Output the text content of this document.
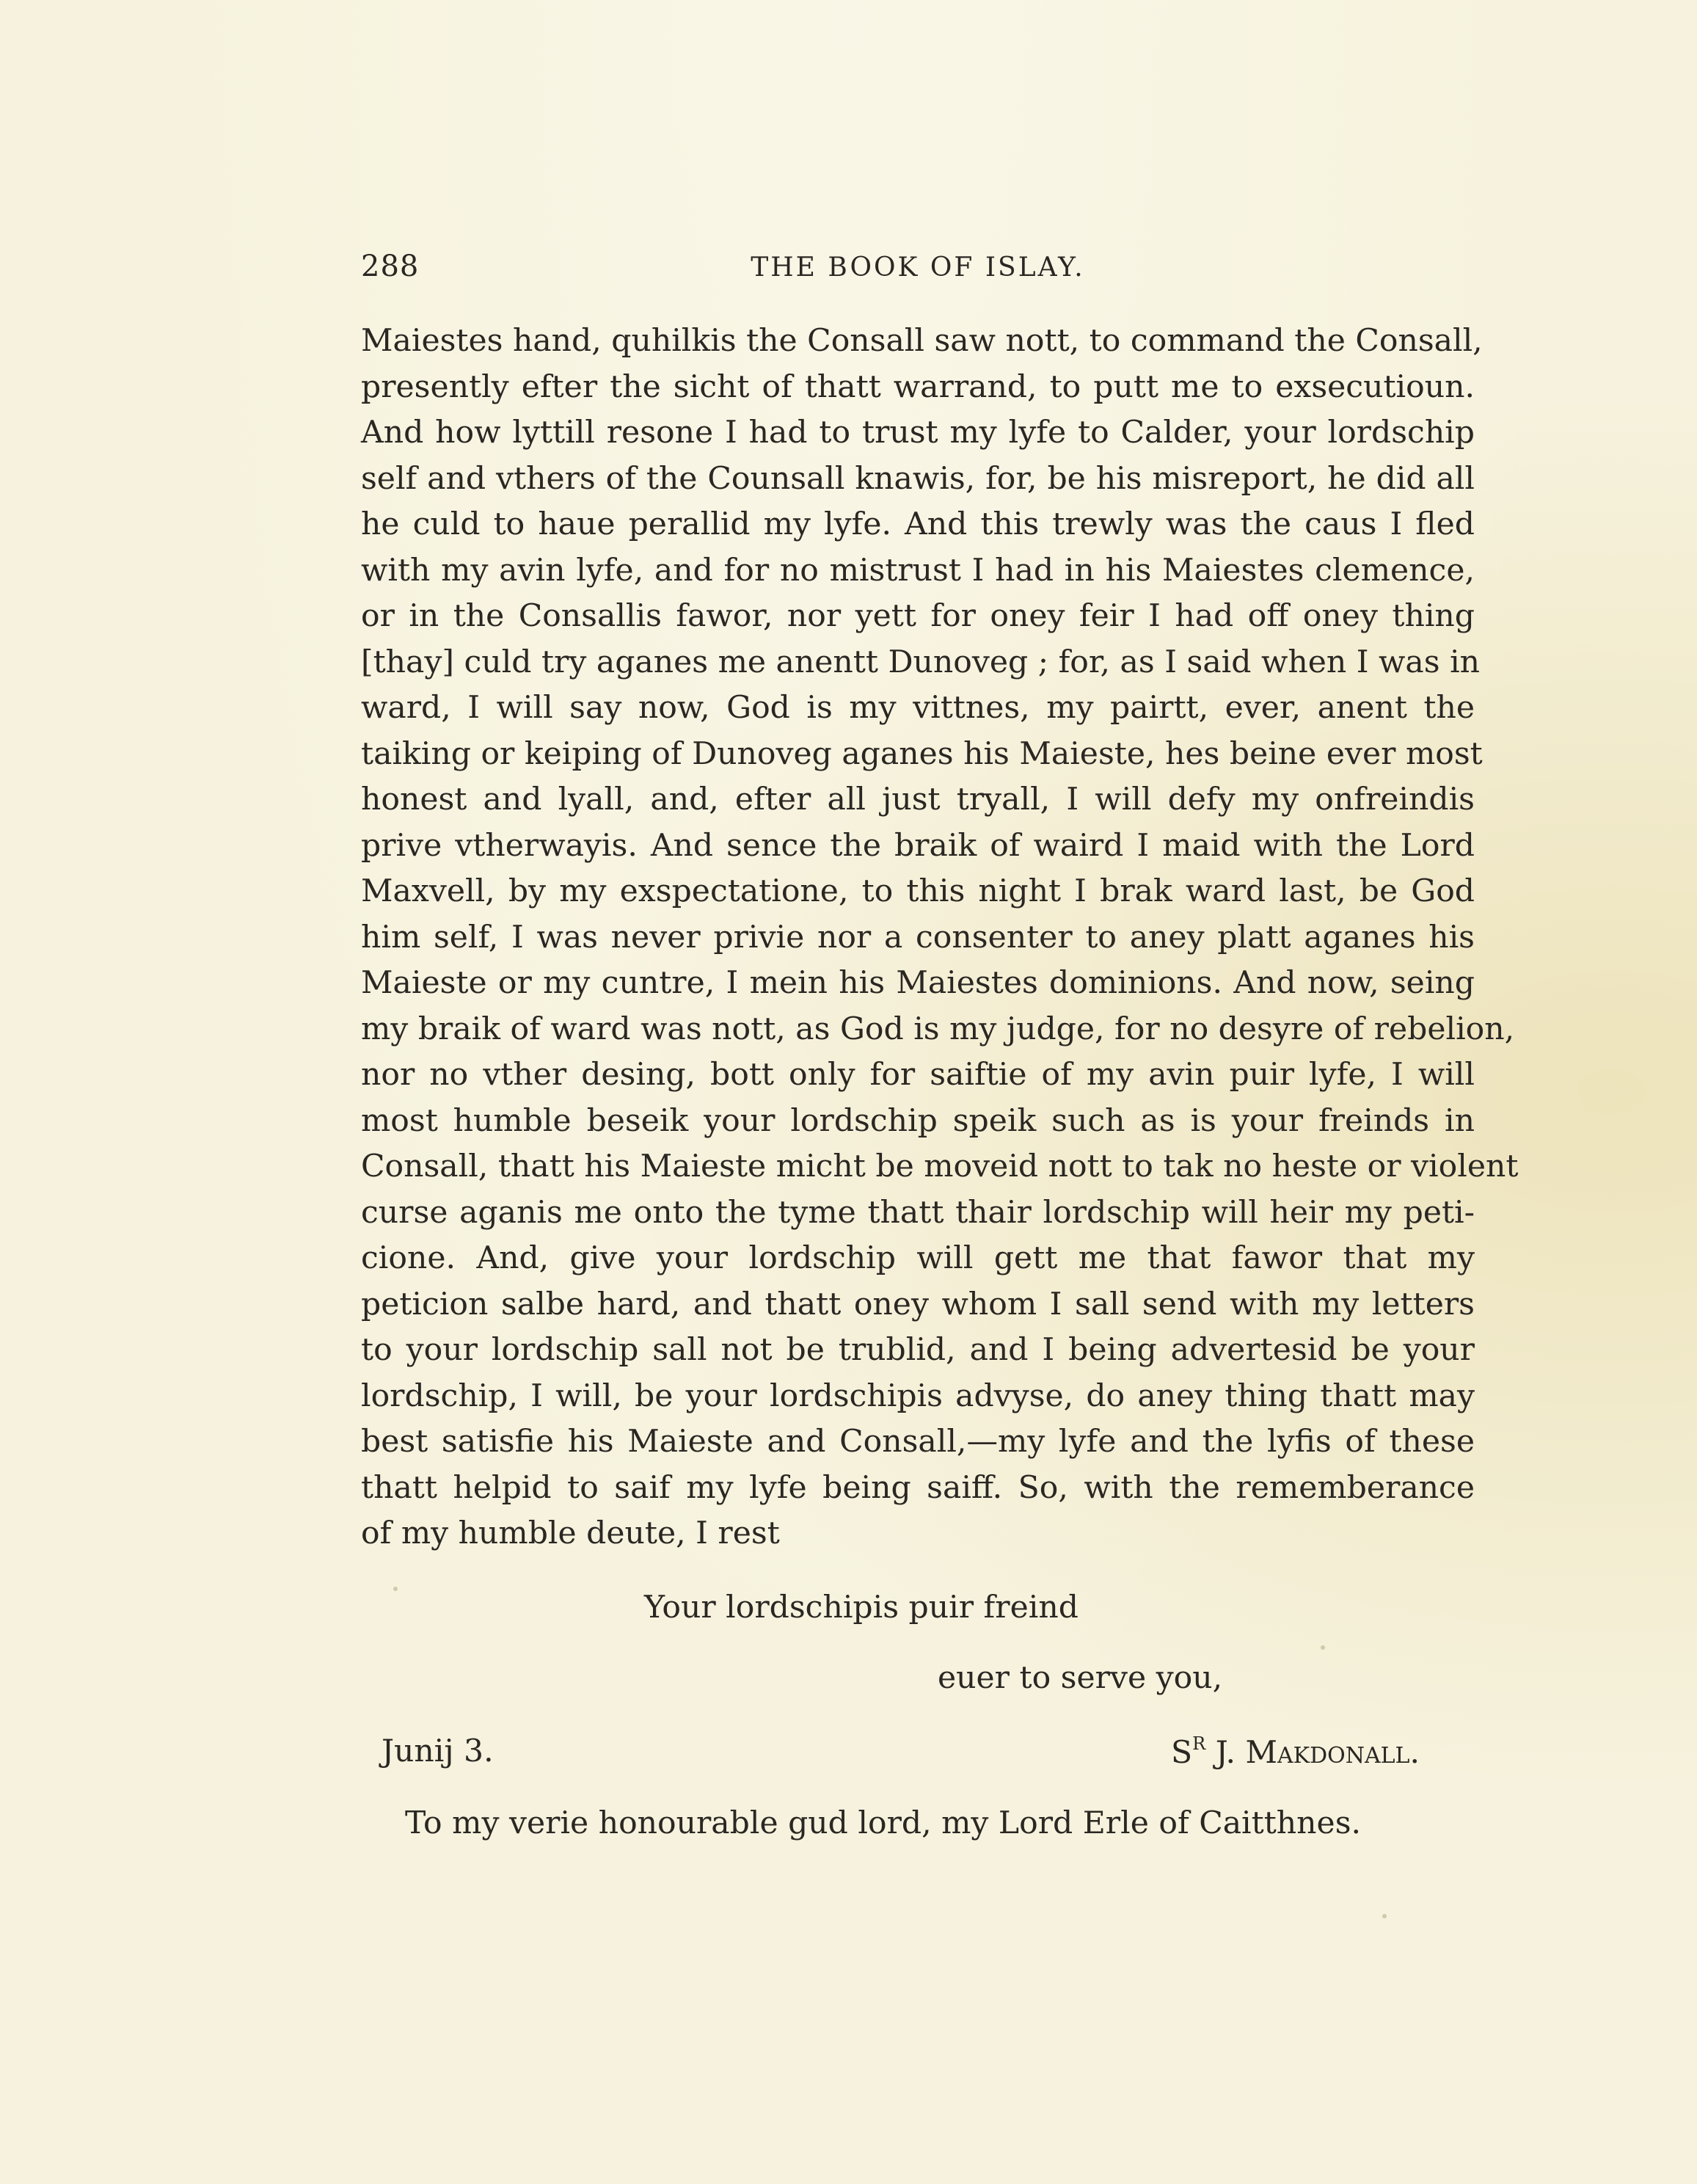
288	THE BOOK OF ISLAY.
Maiestes hand, quhilkis the Consall saw nott, to command the Consall,
presently efter the sicht of thatt warrand, to putt me to exsecutioun.
And how lyttill resone I had to trust my lyfe to Calder, your lordschip
self and vthers of the Counsall knawis, for, be his misreport, he did all
he culd to haue perallid my lyfe. And this trewly was the caus I fled
with my avin lyfe, and for no mistrust I had in his Maiestes clemence,
or in the Consallis fawor, nor yett for oney feir I had off oney thing
[thay] culd try aganes me anentt Dunoveg ; for, as I said when I was in
ward, I will say now, God is my vittnes, my pairtt, ever, anent the
taiking or keiping of Dunoveg aganes his Maieste, hes beine ever most
honest and lyall, and, efter all just tryall, I will defy my onfreindis
prive vtherwayis. And sence the braik of waird I maid with the Lord
Maxvell, by my exspectatione, to this night I brak ward last, be God
him self, I was never privie nor a consenter to aney platt aganes his
Maieste or my cuntre, I mein his Maiestes dominions. And now, seing
my braik of ward was nott, as God is my judge, for no desyre of rebelion,
nor no vther desing, bott only for saiftie of my avin puir lyfe, I will
most humble beseik your lordschip speik such as is your freinds in
Consall, thatt his Maieste micht be moveid nott to tak no heste or violent
curse aganis me onto the tyme thatt thair lordschip will heir my peti-
cione. And, give your lordschip will gett me that fawor that my
peticion salbe hard, and thatt oney whom I sall send with my letters
to your lordschip sall not be trublid, and I being advertesid be your
lordschip, I will, be your lordschipis advyse, do aney thing thatt may
best satisfie his Maieste and Consall,—my lyfe and the lyfis of these
thatt helpid to saif my lyfe being saiff. So, with the rememberance
of my humble deute, I rest
Your lordschipis puir freind
euer to serve you,
Junij 3.	$S^R$ J. Makdonall.
To my verie honourable gud lord, my Lord Erle of Caitthnes.
